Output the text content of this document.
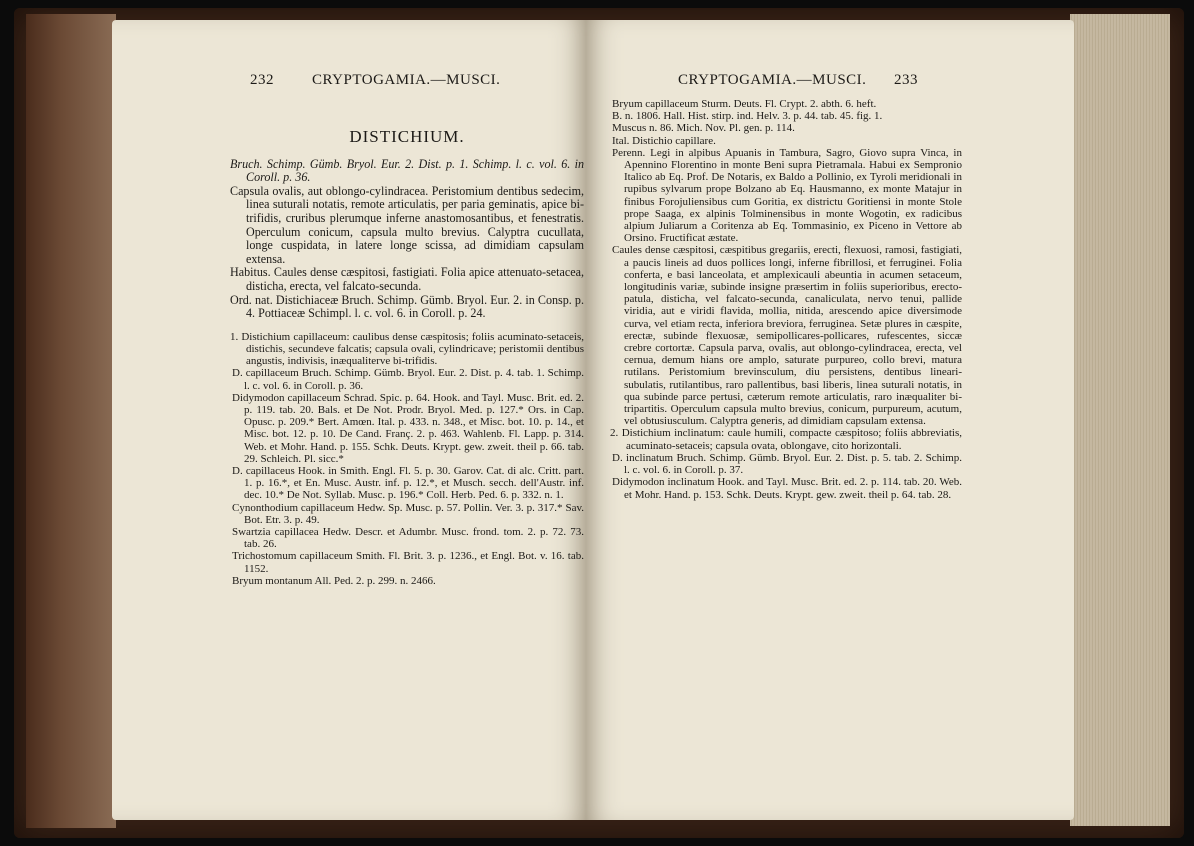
232	CRYPTOGAMIA.—MUSCI.
DISTICHIUM.

Bruch. Schimp. Gümb. Bryol. Eur. 2. Dist. p. 1. Schimp. l. c. vol. 6. in Coroll. p. 36.

Capsula ovalis, aut oblongo-cylindracea. Peristomium dentibus sedecim, linea suturali notatis, remote articulatis, per paria geminatis, apice bi-trifidis, cruribus plerumque inferne anastomosantibus, et fenestratis. Operculum conicum, capsula multo brevius. Calyptra cucullata, longe cuspidata, in latere longe scissa, ad dimidiam capsulam extensa.

Habitus. Caules dense cæspitosi, fastigiati. Folia apice attenuato-setacea, disticha, erecta, vel falcato-secunda.

Ord. nat. Distichiaceæ Bruch. Schimp. Gümb. Bryol. Eur. 2. in Consp. p. 4. Pottiaceæ Schimpl. l. c. vol. 6. in Coroll. p. 24.

1. Distichium capillaceum: caulibus dense cæspitosis; foliis acuminato-setaceis, distichis, secundeve falcatis; capsula ovali, cylindricave; peristomii dentibus angustis, indivisis, inæqualiterve bi-trifidis.

D. capillaceum Bruch. Schimp. Gümb. Bryol. Eur. 2. Dist. p. 4. tab. 1. Schimp. l. c. vol. 6. in Coroll. p. 36.

Didymodon capillaceum Schrad. Spic. p. 64. Hook. and Tayl. Musc. Brit. ed. 2. p. 119. tab. 20. Bals. et De Not. Prodr. Bryol. Med. p. 127.* Ors. in Cap. Opusc. p. 209.* Bert. Amœn. Ital. p. 433. n. 348., et Misc. bot. 10. p. 14., et Misc. bot. 12. p. 10. De Cand. Franç. 2. p. 463. Wahlenb. Fl. Lapp. p. 314. Web. et Mohr. Hand. p. 155. Schk. Deuts. Krypt. gew. zweit. theil p. 66. tab. 29. Schleich. Pl. sicc.*

D. capillaceus Hook. in Smith. Engl. Fl. 5. p. 30. Garov. Cat. di alc. Critt. part. 1. p. 16.*, et En. Musc. Austr. inf. p. 12.*, et Musch. secch. dell'Austr. inf. dec. 10.* De Not. Syllab. Musc. p. 196.* Coll. Herb. Ped. 6. p. 332. n. 1.

Cynonthodium capillaceum Hedw. Sp. Musc. p. 57. Pollin. Ver. 3. p. 317.* Sav. Bot. Etr. 3. p. 49.

Swartzia capillacea Hedw. Descr. et Adumbr. Musc. frond. tom. 2. p. 72. 73. tab. 26.

Trichostomum capillaceum Smith. Fl. Brit. 3. p. 1236., et Engl. Bot. v. 16. tab. 1152.

Bryum montanum All. Ped. 2. p. 299. n. 2466.

CRYPTOGAMIA.—MUSCI.	233

Bryum capillaceum Sturm. Deuts. Fl. Crypt. 2. abth. 6. heft.

B. n. 1806. Hall. Hist. stirp. ind. Helv. 3. p. 44. tab. 45. fig. 1.

Muscus n. 86. Mich. Nov. Pl. gen. p. 114.

Ital. Distichio capillare.

Perenn. Legi in alpibus Apuanis in Tambura, Sagro, Giovo supra Vinca, in Apennino Florentino in monte Beni supra Pietramala. Habui ex Sempronio Italico ab Eq. Prof. De Notaris, ex Baldo a Pollinio, ex Tyroli meridionali in rupibus sylvarum prope Bolzano ab Eq. Hausmanno, ex monte Matajur in finibus Forojuliensibus cum Goritia, ex districtu Goritiensi in monte Stole prope Saaga, ex alpinis Tolminensibus in monte Wogotin, ex radicibus alpium Juliarum a Coritenza ab Eq. Tommasinio, ex Piceno in Vettore ab Orsino. Fructificat æstate.

Caules dense cæspitosi, cæspitibus gregariis, erecti, flexuosi, ramosi, fastigiati, a paucis lineis ad duos pollices longi, inferne fibrillosi, et ferruginei. Folia conferta, e basi lanceolata, et amplexicauli abeuntia in acumen setaceum, longitudinis variæ, subinde insigne præsertim in foliis superioribus, erecto-patula, disticha, vel falcato-secunda, canaliculata, nervo tenui, pallide viridia, aut e viridi flavida, mollia, nitida, arescendo apice diversimode curva, vel etiam recta, inferiora breviora, ferruginea. Setæ plures in cæspite, erectæ, subinde flexuosæ, semipollicares-pollicares, rufescentes, siccæ crebre cortortæ. Capsula parva, ovalis, aut oblongo-cylindracea, erecta, vel cernua, demum hians ore amplo, saturate purpureo, collo brevi, matura rutilans. Peristomium brevinsculum, diu persistens, dentibus lineari-subulatis, rutilantibus, raro pallentibus, basi liberis, linea suturali notatis, in qua subinde parce pertusi, cæterum remote articulatis, raro inæqualiter bi-tripartitis. Operculum capsula multo brevius, conicum, purpureum, acutum, vel obtusiusculum. Calyptra generis, ad dimidiam capsulam extensa.

2. Distichium inclinatum: caule humili, compacte cæspitoso; foliis abbreviatis, acuminato-setaceis; capsula ovata, oblongave, cito horizontali.

D. inclinatum Bruch. Schimp. Gümb. Bryol. Eur. 2. Dist. p. 5. tab. 2. Schimp. l. c. vol. 6. in Coroll. p. 37.

Didymodon inclinatum Hook. and Tayl. Musc. Brit. ed. 2. p. 114. tab. 20. Web. et Mohr. Hand. p. 153. Schk. Deuts. Krypt. gew. zweit. theil p. 64. tab. 28.
